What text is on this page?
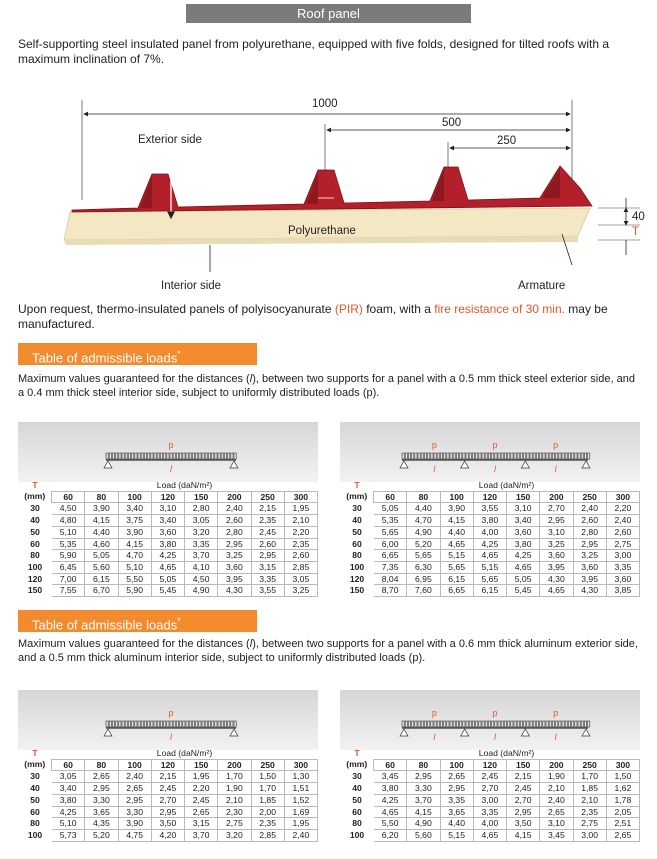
Roof panel
Self-supporting steel insulated panel from polyurethane, equipped with five folds, designed for tilted roofs with a maximum inclination of 7%.
1000
500
250
24
40
T
Exterior side
Polyurethane
Interior side	Armature
Upon request, thermo-insulated panels of polyisocyanurate (PIR) foam, with a fire resistance of 30 min. may be manufactured.
Table of admissible loads*
Maximum values guaranteed for the distances (l), between two supports for a panel with a 0.5 mm thick steel exterior side, and a 0.4 mm thick steel interior side, subject to uniformly distributed loads (p).
Table of admissible loads*
Maximum values guaranteed for the distances (l), between two supports for a panel with a 0.6 mm thick aluminum exterior side, and a 0.5 mm thick aluminum interior side, subject to uniformly distributed loads (p).
p
l
T	Load (daN/m²)							
(mm)	60	80	100	120	150	200	250	300
30	4,50	3,90	3,40	3,10	2,80	2,40	2,15	1,95
40	4,80	4,15	3,75	3,40	3,05	2,60	2,35	2,10
50	5,10	4,40	3,90	3,60	3,20	2,80	2,45	2,20
60	5,35	4,60	4,15	3,80	3,35	2,95	2,60	2,35
80	5,90	5,05	4,70	4,25	3,70	3,25	2,95	2,60
100	6,45	5,60	5,10	4,65	4,10	3,60	3,15	2,85
120	7,00	6,15	5,50	5,05	4,50	3,95	3,35	3,05
150	7,55	6,70	5,90	5,45	4,90	4,30	3,55	3,25
p
l
p
l
p
l
T	Load (daN/m²)							
(mm)	60	80	100	120	150	200	250	300
30	5,05	4,40	3,90	3,55	3,10	2,70	2,40	2,20
40	5,35	4,70	4,15	3,80	3,40	2,95	2,60	2,40
50	5,65	4,90	4,40	4,00	3,60	3,10	2,80	2,60
60	6,00	5,20	4,65	4,25	3,80	3,25	2,95	2,75
80	6,65	5,65	5,15	4,65	4,25	3,60	3,25	3,00
100	7,35	6,30	5,65	5,15	4,65	3,95	3,60	3,35
120	8,04	6,95	6,15	5,65	5,05	4,30	3,95	3,60
150	8,70	7,60	6,65	6,15	5,45	4,65	4,30	3,85
p
l
T	Load (daN/m²)							
(mm)	60	80	100	120	150	200	250	300
30	3,05	2,65	2,40	2,15	1,95	1,70	1,50	1,30
40	3,40	2,95	2,65	2,45	2,20	1,90	1,70	1,51
50	3,80	3,30	2,95	2,70	2,45	2,10	1,85	1,52
60	4,25	3,65	3,30	2,95	2,65	2,30	2,00	1,69
80	5,10	4,35	3,90	3,50	3,15	2,75	2,35	1,95
100	5,73	5,20	4,75	4,20	3,70	3,20	2,85	2,40
p
l
p
l
p
l
T	Load (daN/m²)							
(mm)	60	80	100	120	150	200	250	300
30	3,45	2,95	2,65	2,45	2,15	1,90	1,70	1,50
40	3,80	3,30	2,95	2,70	2,45	2,10	1,85	1,62
50	4,25	3,70	3,35	3,00	2,70	2,40	2,10	1,78
60	4,65	4,15	3,65	3,35	2,95	2,65	2,35	2,05
80	5,50	4,90	4,40	4,00	3,50	3,10	2,75	2,51
100	6,20	5,60	5,15	4,65	4,15	3,45	3,00	2,65
